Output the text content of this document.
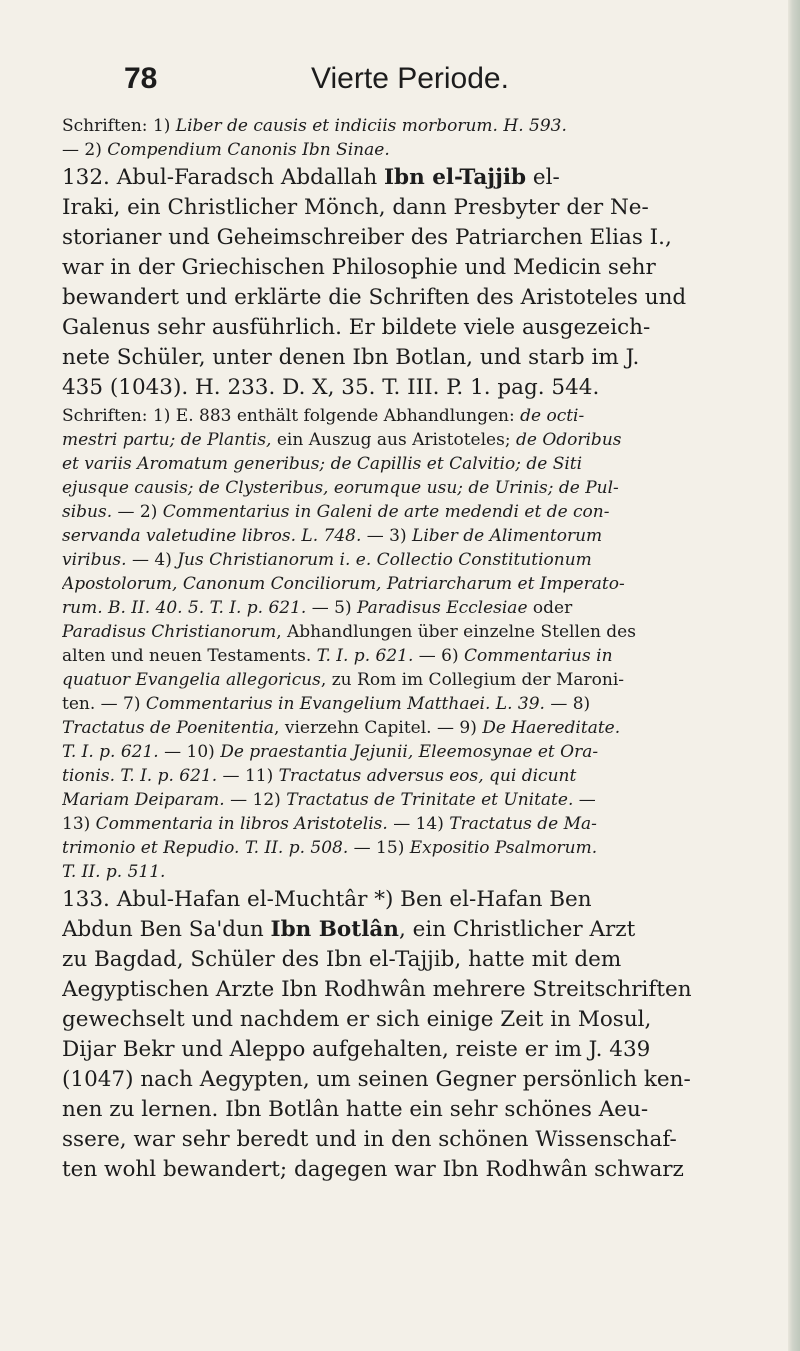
78	Vierte Periode.
Schriften: 1) Liber de causis et indiciis morborum. H. 593.
— 2) Compendium Canonis Ibn Sinae.
132. Abul-Faradsch Abdallah Ibn el-Tajjib el-
Iraki, ein Christlicher Mönch, dann Presbyter der Ne-
storianer und Geheimschreiber des Patriarchen Elias I.,
war in der Griechischen Philosophie und Medicin sehr
bewandert und erklärte die Schriften des Aristoteles und
Galenus sehr ausführlich. Er bildete viele ausgezeich-
nete Schüler, unter denen Ibn Botlan, und starb im J.
435 (1043). H. 233. D. X, 35. T. III. P. 1. pag. 544.
Schriften: 1) E. 883 enthält folgende Abhandlungen: de octi-
mestri partu; de Plantis, ein Auszug aus Aristoteles; de Odoribus
et variis Aromatum generibus; de Capillis et Calvitio; de Siti
ejusque causis; de Clysteribus, eorumque usu; de Urinis; de Pul-
sibus. — 2) Commentarius in Galeni de arte medendi et de con-
servanda valetudine libros. L. 748. — 3) Liber de Alimentorum
viribus. — 4) Jus Christianorum i. e. Collectio Constitutionum
Apostolorum, Canonum Conciliorum, Patriarcharum et Imperato-
rum. B. II. 40. 5. T. I. p. 621. — 5) Paradisus Ecclesiae oder
Paradisus Christianorum, Abhandlungen über einzelne Stellen des
alten und neuen Testaments. T. I. p. 621. — 6) Commentarius in
quatuor Evangelia allegoricus, zu Rom im Collegium der Maroni-
ten. — 7) Commentarius in Evangelium Matthaei. L. 39. — 8)
Tractatus de Poenitentia, vierzehn Capitel. — 9) De Haereditate.
T. I. p. 621. — 10) De praestantia Jejunii, Eleemosynae et Ora-
tionis. T. I. p. 621. — 11) Tractatus adversus eos, qui dicunt
Mariam Deiparam. — 12) Tractatus de Trinitate et Unitate. —
13) Commentaria in libros Aristotelis. — 14) Tractatus de Ma-
trimonio et Repudio. T. II. p. 508. — 15) Expositio Psalmorum.
T. II. p. 511.
133. Abul-Hafan el-Muchtâr *) Ben el-Hafan Ben
Abdun Ben Sa'dun Ibn Botlân, ein Christlicher Arzt
zu Bagdad, Schüler des Ibn el-Tajjib, hatte mit dem
Aegyptischen Arzte Ibn Rodhwân mehrere Streitschriften
gewechselt und nachdem er sich einige Zeit in Mosul,
Dijar Bekr und Aleppo aufgehalten, reiste er im J. 439
(1047) nach Aegypten, um seinen Gegner persönlich ken-
nen zu lernen. Ibn Botlân hatte ein sehr schönes Aeu-
ssere, war sehr beredt und in den schönen Wissenschaf-
ten wohl bewandert; dagegen war Ibn Rodhwân schwarz
